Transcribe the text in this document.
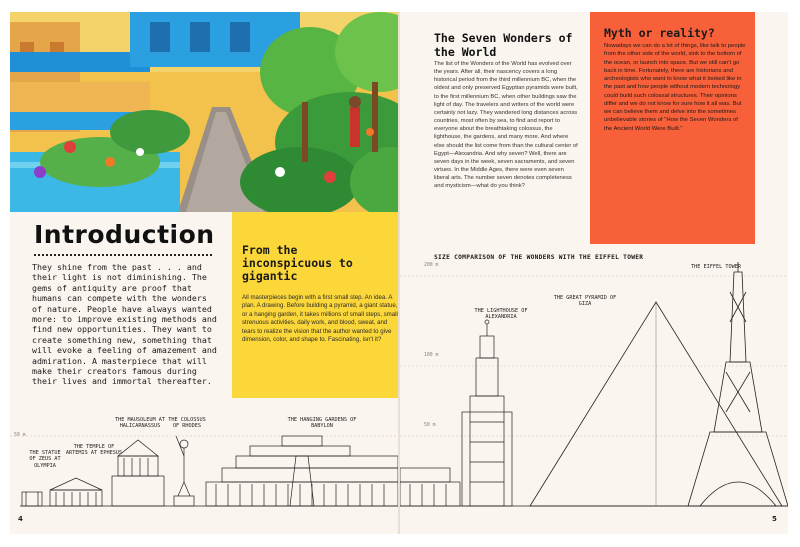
Introduction
They shine from the past . . . and their light is not diminishing. The gems of antiquity are proof that humans can compete with the wonders of nature. People have always wanted more: to improve existing methods and find new opportunities. They want to create something new, something that will evoke a feeling of amazement and admiration. A masterpiece that will make their creators famous during their lives and immortal thereafter.
From the inconspicuous to gigantic
All masterpieces begin with a first small step. An idea. A plan. A drawing. Before building a pyramid, a giant statue, or a hanging garden, it takes millions of small steps, small strenuous activities, daily work, and blood, sweat, and tears to realize the vision that the author wanted to give dimension, color, and shape to. Fascinating, isn't it?
50 m
THE STATUE OF ZEUS AT OLYMPIA
THE TEMPLE OF ARTEMIS AT EPHESUS
THE MAUSOLEUM AT HALICARNASSUS
THE COLOSSUS OF RHODES
THE HANGING GARDENS OF BABYLON
4
The Seven Wonders of the World
The list of the Wonders of the World has evolved over the years. After all, their nascency covers a long historical period from the third millennium BC, when the oldest and only preserved Egyptian pyramids were built, to the first millennium BC, when other buildings saw the light of day. The travelers and writers of the world were certainly not lazy. They wandered long distances across countries, most often by sea, to find and report to everyone about the breathtaking colossus, the lighthouse, the gardens, and many more. And where else should the list come from than the cultural center of Egypt—Alexandria. And why seven? Well, there are seven days in the week, seven sacraments, and seven virtues. In the Middle Ages, there were even seven liberal arts. The number seven denotes completeness and mysticism—what do you think?
Myth or reality?
Nowadays we can do a lot of things, like talk to people from the other side of the world, sink to the bottom of the ocean, or launch into space. But we still can't go back in time. Fortunately, there are historians and archeologists who want to know what it looked like in the past and how people without modern technology could build such colossal structures. Their opinions differ and we do not know for sure how it all was. But we can believe them and delve into the sometimes unbelievable stories of "How the Seven Wonders of the Ancient World Were Built."
SIZE COMPARISON OF THE WONDERS WITH THE EIFFEL TOWER
200 m
100 m
50 m
THE LIGHTHOUSE OF ALEXANDRIA
THE GREAT PYRAMID OF GIZA
THE EIFFEL TOWER
5
